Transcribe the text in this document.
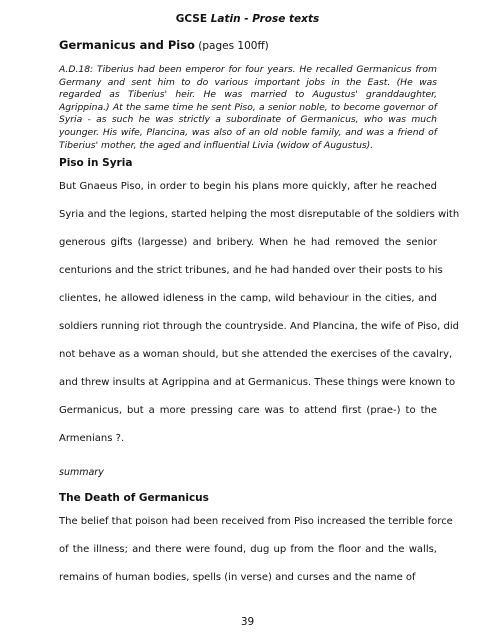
GCSE Latin - Prose texts
Germanicus and Piso (pages 100ff)
A.D.18: Tiberius had been emperor for four years. He recalled Germanicus from Germany and sent him to do various important jobs in the East. (He was regarded as Tiberius' heir. He was married to Augustus' granddaughter, Agrippina.) At the same time he sent Piso, a senior noble, to become governor of Syria - as such he was strictly a subordinate of Germanicus, who was much younger. His wife, Plancina, was also of an old noble family, and was a friend of Tiberius' mother, the aged and influential Livia (widow of Augustus).
Piso in Syria
But Gnaeus Piso, in order to begin his plans more quickly, after he reached
Syria and the legions, started helping the most disreputable of the soldiers with
generous gifts (largesse) and bribery. When he had removed the senior
centurions and the strict tribunes, and he had handed over their posts to his
clientes, he allowed idleness in the camp, wild behaviour in the cities, and
soldiers running riot through the countryside. And Plancina, the wife of Piso, did
not behave as a woman should, but she attended the exercises of the cavalry,
and threw insults at Agrippina and at Germanicus. These things were known to
Germanicus, but a more pressing care was to attend first (prae-) to the
Armenians ?.
summary
The Death of Germanicus
The belief that poison had been received from Piso increased the terrible force
of the illness; and there were found, dug up from the floor and the walls,
remains of human bodies, spells (in verse) and curses and the name of
39
